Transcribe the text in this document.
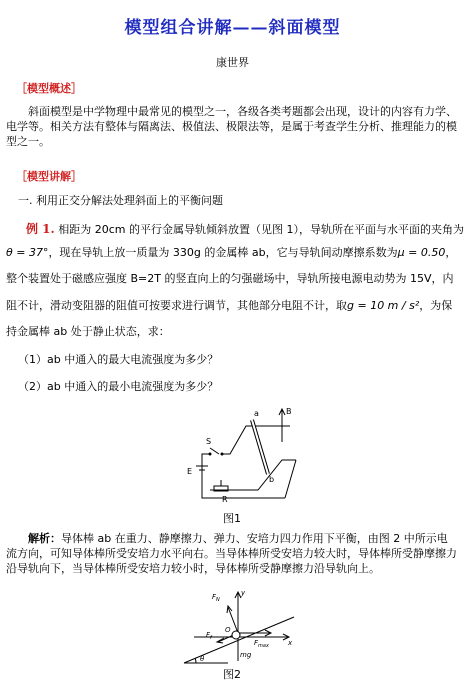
模型组合讲解——斜面模型
康世界
［模型概述］
斜面模型是中学物理中最常见的模型之一，各级各类考题都会出现，设计的内容有力学、电学等。相关方法有整体与隔离法、极值法、极限法等，是属于考查学生分析、推理能力的模型之一。
［模型讲解］
一. 利用正交分解法处理斜面上的平衡问题
例 1. 相距为 20cm 的平行金属导轨倾斜放置（见图 1），导轨所在平面与水平面的夹角为
θ = 37°，现在导轨上放一质量为 330g 的金属棒 ab，它与导轨间动摩擦系数为μ = 0.50，
整个装置处于磁感应强度 B=2T 的竖直向上的匀强磁场中，导轨所接电源电动势为 15V，内
阻不计，滑动变阻器的阻值可按要求进行调节，其他部分电阻不计，取g = 10 m / s²，为保
持金属棒 ab 处于静止状态，求：
（1）ab 中通入的最大电流强度为多少？
（2）ab 中通入的最小电流强度为多少？
a
b
B
S
E
R
图1
解析：导体棒 ab 在重力、静摩擦力、弹力、安培力四力作用下平衡，由图 2 中所示电流方向，可知导体棒所受安培力水平向右。当导体棒所受安培力较大时，导体棒所受静摩擦力沿导轨向下，当导体棒所受安培力较小时，导体棒所受静摩擦力沿导轨向上。
$F_N$
$F_f$
$F_{max}$
y
x
mg
O
θ
图2
